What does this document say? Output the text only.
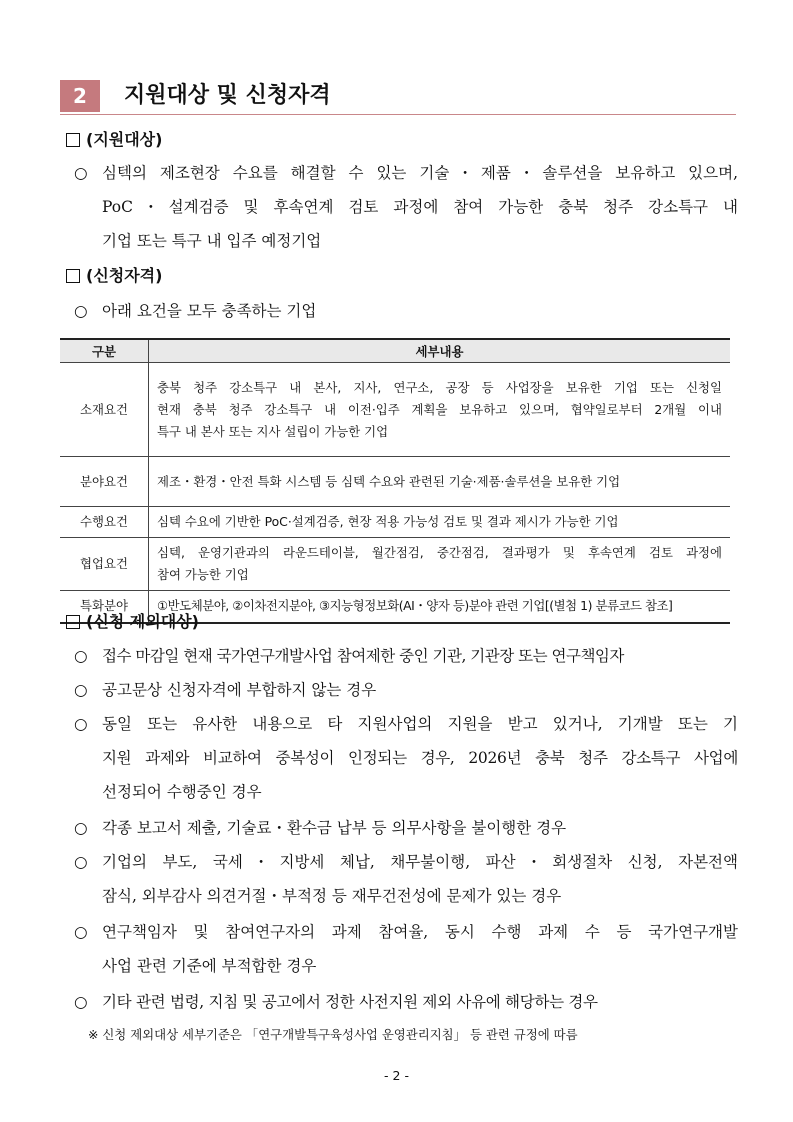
2	지원대상 및 신청자격
(지원대상)
○ 심텍의 제조현장 수요를 해결할 수 있는 기술・제품・솔루션을 보유하고 있으며,
PoC・설계검증 및 후속연계 검토 과정에 참여 가능한 충북 청주 강소특구 내
기업 또는 특구 내 입주 예정기업
(신청자격)
○ 아래 요건을 모두 충족하는 기업
구분	세부내용
소재요건	충북 청주 강소특구 내 본사, 지사, 연구소, 공장 등 사업장을 보유한 기업 또는 신청일
현재 충북 청주 강소특구 내 이전·입주 계획을 보유하고 있으며, 협약일로부터 2개월 이내
특구 내 본사 또는 지사 설립이 가능한 기업

분야요건	제조・환경・안전 특화 시스템 등 심텍 수요와 관련된 기술·제품·솔루션을 보유한 기업

수행요건	심텍 수요에 기반한 PoC·설계검증, 현장 적용 가능성 검토 및 결과 제시가 가능한 기업

협업요건	심텍, 운영기관과의 라운드테이블, 월간점검, 중간점검, 결과평가 및 후속연계 검토 과정에
참여 가능한 기업

특화분야	①반도체분야, ②이차전지분야, ③지능형정보화(AI・양자 등)분야 관련 기업[(별첨 1) 분류코드 참조]
(신청 제외대상)
○ 접수 마감일 현재 국가연구개발사업 참여제한 중인 기관, 기관장 또는 연구책임자
○ 공고문상 신청자격에 부합하지 않는 경우
○ 동일 또는 유사한 내용으로 타 지원사업의 지원을 받고 있거나, 기개발 또는 기
지원 과제와 비교하여 중복성이 인정되는 경우, 2026년 충북 청주 강소특구 사업에
선정되어 수행중인 경우
○ 각종 보고서 제출, 기술료・환수금 납부 등 의무사항을 불이행한 경우
○ 기업의 부도, 국세・지방세 체납, 채무불이행, 파산・회생절차 신청, 자본전액
잠식, 외부감사 의견거절・부적정 등 재무건전성에 문제가 있는 경우
○ 연구책임자 및 참여연구자의 과제 참여율, 동시 수행 과제 수 등 국가연구개발
사업 관련 기준에 부적합한 경우
○ 기타 관련 법령, 지침 및 공고에서 정한 사전지원 제외 사유에 해당하는 경우
※ 신청 제외대상 세부기준은 「연구개발특구육성사업 운영관리지침」 등 관련 규정에 따름
- 2 -
